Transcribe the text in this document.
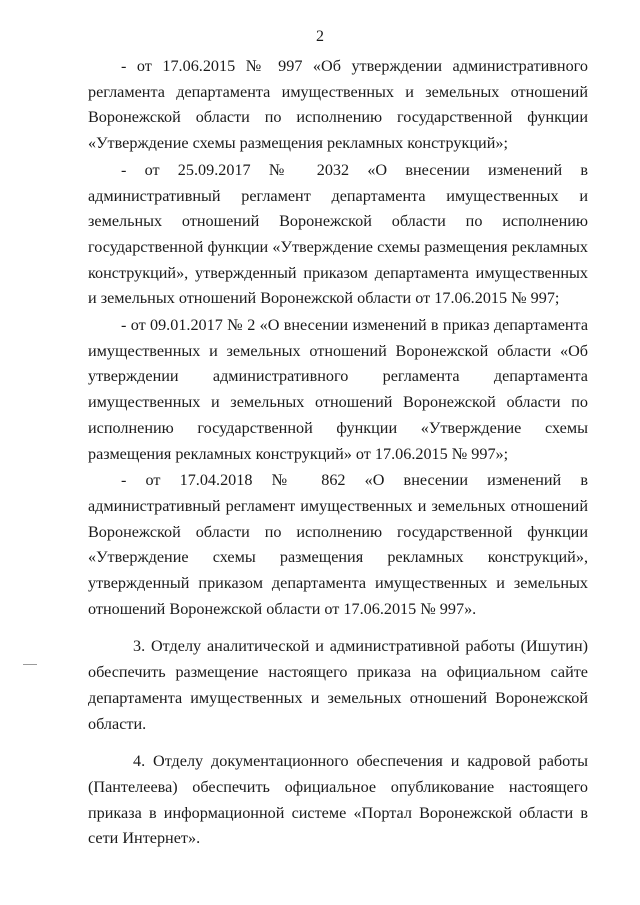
2

- от 17.06.2015 № 997 «Об утверждении административного регламента департамента имущественных и земельных отношений Воронежской области по исполнению государственной функции «Утверждение схемы размещения рекламных конструкций»;

- от 25.09.2017 № 2032 «О внесении изменений в административный регламент департамента имущественных и земельных отношений Воронежской области по исполнению государственной функции «Утверждение схемы размещения рекламных конструкций», утвержденный приказом департамента имущественных и земельных отношений Воронежской области от 17.06.2015 № 997;

- от 09.01.2017 № 2 «О внесении изменений в приказ департамента имущественных и земельных отношений Воронежской области «Об утверждении административного регламента департамента имущественных и земельных отношений Воронежской области по исполнению государственной функции «Утверждение схемы размещения рекламных конструкций» от 17.06.2015 № 997»;

- от 17.04.2018 № 862 «О внесении изменений в административный регламент имущественных и земельных отношений Воронежской области по исполнению государственной функции «Утверждение схемы размещения рекламных конструкций», утвержденный приказом департамента имущественных и земельных отношений Воронежской области от 17.06.2015 № 997».

3. Отделу аналитической и административной работы (Ишутин) обеспечить размещение настоящего приказа на официальном сайте департамента имущественных и земельных отношений Воронежской области.

4. Отделу документационного обеспечения и кадровой работы (Пантелеева) обеспечить официальное опубликование настоящего приказа в информационной системе «Портал Воронежской области в сети Интернет».
